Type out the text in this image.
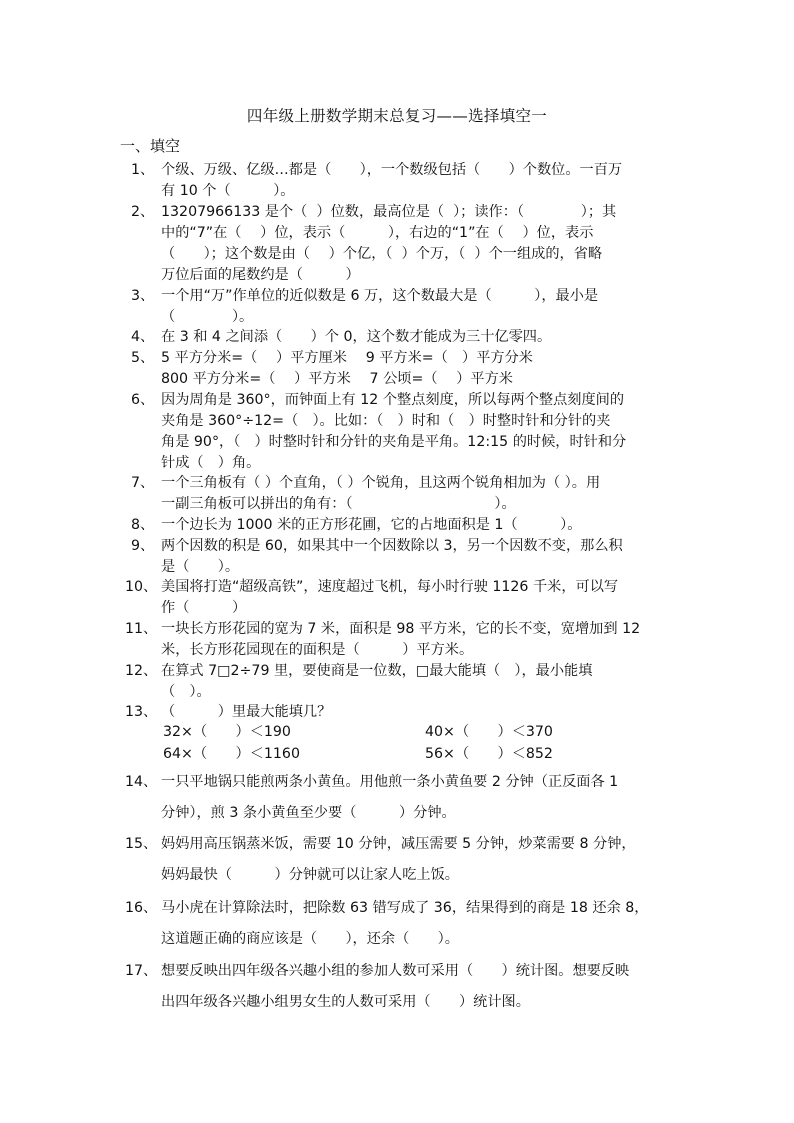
四年级上册数学期末总复习——选择填空一
一、填空
1、 个级、万级、亿级…都是（　　），一个数级包括（　　）个数位。一百万
有 10 个（　　　）。
2、 13207966133 是个（  ）位数，最高位是（  ）；读作：（　　　　）；其
中的“7”在（　 ）位，表示（　　　），右边的“1”在（　 ）位，表示
（　　）；这个数是由（　 ）个亿，（  ）个万，（  ）个一组成的，省略
万位后面的尾数约是（　　　）
3、 一个用“万”作单位的近似数是 6 万，这个数最大是（　　　），最小是
（　　　　）。
4、 在 3 和 4 之间添（　　）个 0，这个数才能成为三十亿零四。
5、 5 平方分米=（　 ）平方厘米　 9 平方米=（　）平方分米
800 平方分米=（　 ）平方米　 7 公顷=（　 ）平方米
6、 因为周角是 360°，而钟面上有 12 个整点刻度，所以每两个整点刻度间的
夹角是 360°÷12=（　）。比如：（　）时和（　）时整时针和分针的夹
角是 90°，（　）时整时针和分针的夹角是平角。12:15 的时候，时针和分
针成（　）角。
7、 一个三角板有（ ）个直角，（ ）个锐角，且这两个锐角相加为（ ）。用
一副三角板可以拼出的角有：（　　　　　　　　　　）。
8、 一个边长为 1000 米的正方形花圃，它的占地面积是 1（　　　）。
9、 两个因数的积是 60，如果其中一个因数除以 3，另一个因数不变，那么积
是（　　）。
10、 美国将打造“超级高铁”，速度超过飞机，每小时行驶 1126 千米，可以写
作（　　　）
11、 一块长方形花园的宽为 7 米，面积是 98 平方米，它的长不变，宽增加到 12
米，长方形花园现在的面积是（　　　）平方米。
12、 在算式 7□2÷79 里，要使商是一位数，□最大能填（　），最小能填
（　）。
13、 （　　　）里最大能填几？
32×（　　）＜190	40×（　　）＜370
64×（　　）＜1160	56×（　　）＜852
14、 一只平地锅只能煎两条小黄鱼。用他煎一条小黄鱼要 2 分钟（正反面各 1
分钟），煎 3 条小黄鱼至少要（　　　）分钟。
15、 妈妈用高压锅蒸米饭，需要 10 分钟，减压需要 5 分钟，炒菜需要 8 分钟，
妈妈最快（　　　）分钟就可以让家人吃上饭。
16、 马小虎在计算除法时，把除数 63 错写成了 36，结果得到的商是 18 还余 8，
这道题正确的商应该是（　　），还余（　　）。
17、 想要反映出四年级各兴趣小组的参加人数可采用（　　）统计图。想要反映
出四年级各兴趣小组男女生的人数可采用（　　）统计图。
